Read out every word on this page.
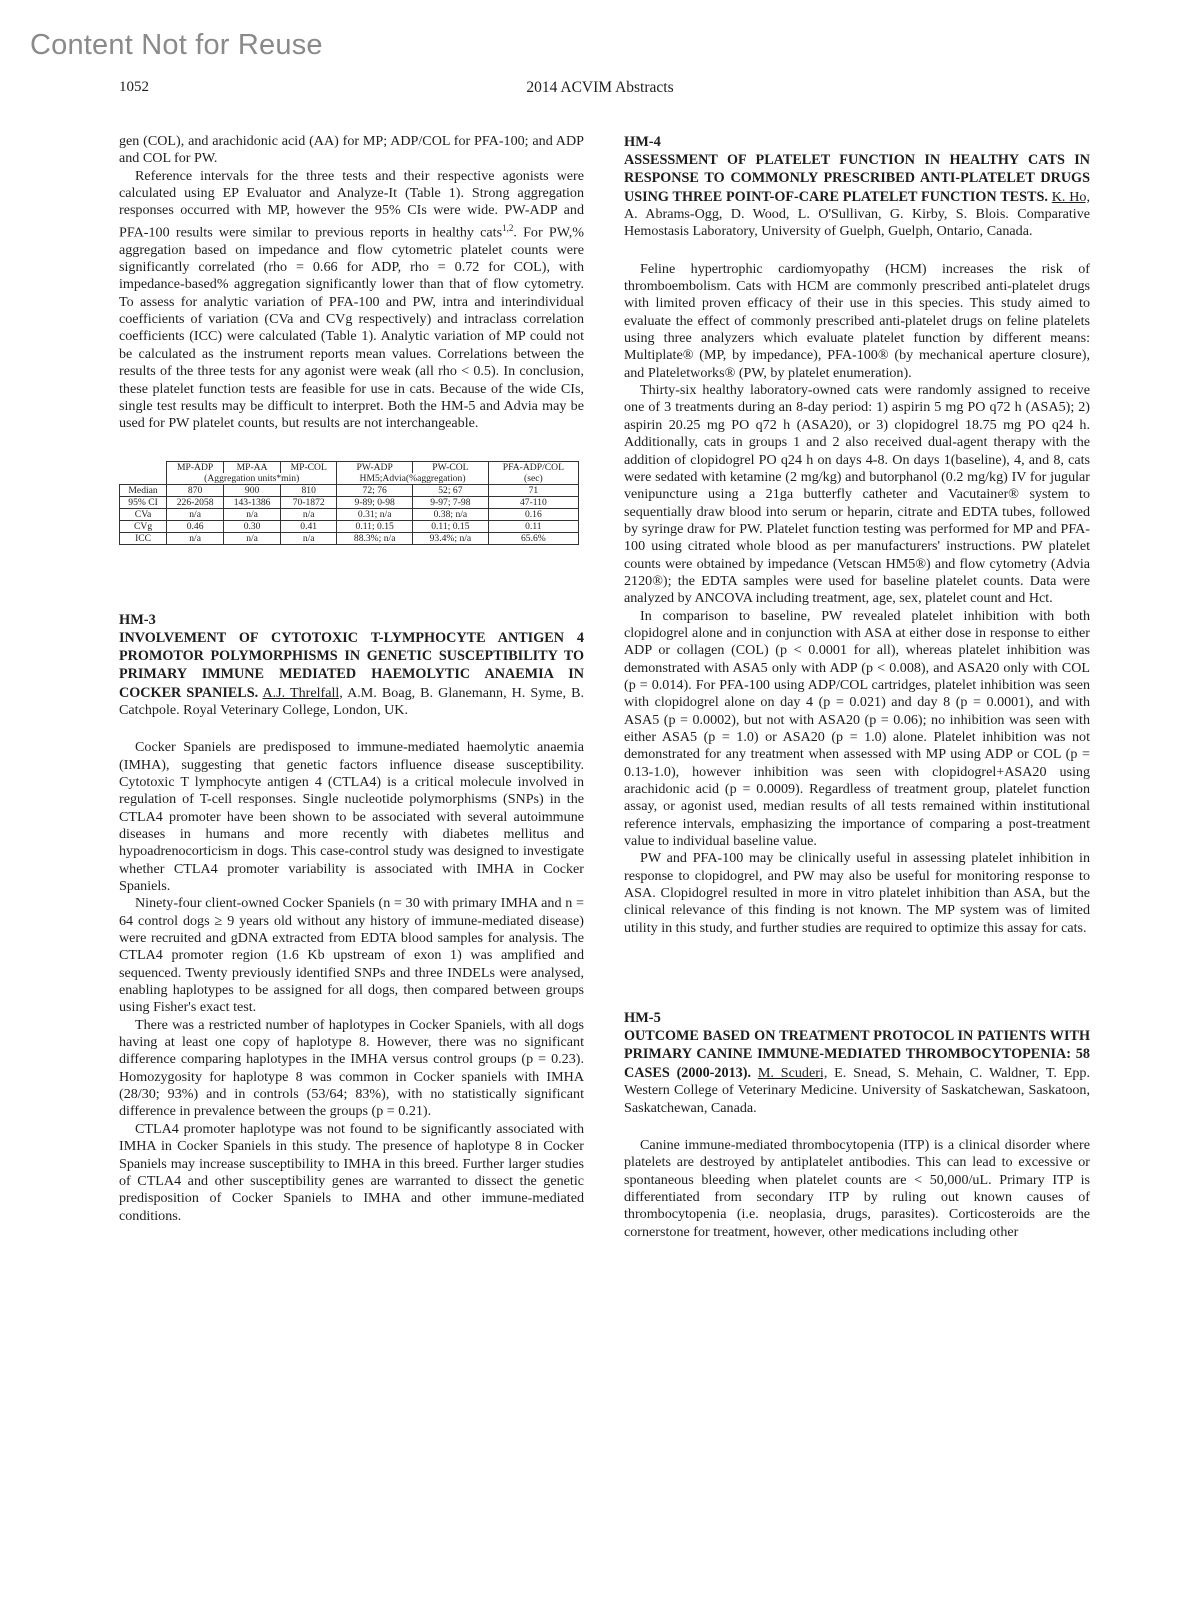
Content Not for Reuse
1052	2014 ACVIM Abstracts

gen (COL), and arachidonic acid (AA) for MP; ADP/COL for PFA-100; and ADP and COL for PW.

Reference intervals for the three tests and their respective agonists were calculated using EP Evaluator and Analyze-It (Table 1). Strong aggregation responses occurred with MP, however the 95% CIs were wide. PW-ADP and PFA-100 results were similar to previous reports in healthy cats$^{1,2}$. For PW,% aggregation based on impedance and flow cytometric platelet counts were significantly correlated (rho = 0.66 for ADP, rho = 0.72 for COL), with impedance-based% aggregation significantly lower than that of flow cytometry. To assess for analytic variation of PFA-100 and PW, intra and interindividual coefficients of variation (CVa and CVg respectively) and intraclass correlation coefficients (ICC) were calculated (Table 1). Analytic variation of MP could not be calculated as the instrument reports mean values. Correlations between the results of the three tests for any agonist were weak (all rho < 0.5). In conclusion, these platelet function tests are feasible for use in cats. Because of the wide CIs, single test results may be difficult to interpret. Both the HM-5 and Advia may be used for PW platelet counts, but results are not interchangeable.

	MP-ADP	MP-AA	MP-COL	PW-ADP	PW-COL	PFA-ADP/COL
	(Aggregation units*min)			HM5;Advia(%aggregation)		(sec)
Median	870	900	810	72; 76	52; 67	71
95% CI	226-2058	143-1386	70-1872	9-89; 0-98	9-97; 7-98	47-110
CVa	n/a	n/a	n/a	0.31; n/a	0.38; n/a	0.16
CVg	0.46	0.30	0.41	0.11; 0.15	0.11; 0.15	0.11
ICC	n/a	n/a	n/a	88.3%; n/a	93.4%; n/a	65.6%
HM-3

INVOLVEMENT OF CYTOTOXIC T-LYMPHOCYTE ANTIGEN 4 PROMOTOR POLYMORPHISMS IN GENETIC SUSCEPTIBILITY TO PRIMARY IMMUNE MEDIATED HAEMOLYTIC ANAEMIA IN COCKER SPANIELS. A.J. Threlfall, A.M. Boag, B. Glanemann, H. Syme, B. Catchpole. Royal Veterinary College, London, UK.

Cocker Spaniels are predisposed to immune-mediated haemolytic anaemia (IMHA), suggesting that genetic factors influence disease susceptibility. Cytotoxic T lymphocyte antigen 4 (CTLA4) is a critical molecule involved in regulation of T-cell responses. Single nucleotide polymorphisms (SNPs) in the CTLA4 promoter have been shown to be associated with several autoimmune diseases in humans and more recently with diabetes mellitus and hypoadrenocorticism in dogs. This case-control study was designed to investigate whether CTLA4 promoter variability is associated with IMHA in Cocker Spaniels.

Ninety-four client-owned Cocker Spaniels (n = 30 with primary IMHA and n = 64 control dogs ≥ 9 years old without any history of immune-mediated disease) were recruited and gDNA extracted from EDTA blood samples for analysis. The CTLA4 promoter region (1.6 Kb upstream of exon 1) was amplified and sequenced. Twenty previously identified SNPs and three INDELs were analysed, enabling haplotypes to be assigned for all dogs, then compared between groups using Fisher's exact test.

There was a restricted number of haplotypes in Cocker Spaniels, with all dogs having at least one copy of haplotype 8. However, there was no significant difference comparing haplotypes in the IMHA versus control groups (p = 0.23). Homozygosity for haplotype 8 was common in Cocker spaniels with IMHA (28/30; 93%) and in controls (53/64; 83%), with no statistically significant difference in prevalence between the groups (p = 0.21).

CTLA4 promoter haplotype was not found to be significantly associated with IMHA in Cocker Spaniels in this study. The presence of haplotype 8 in Cocker Spaniels may increase susceptibility to IMHA in this breed. Further larger studies of CTLA4 and other susceptibility genes are warranted to dissect the genetic predisposition of Cocker Spaniels to IMHA and other immune-mediated conditions.

HM-4

ASSESSMENT OF PLATELET FUNCTION IN HEALTHY CATS IN RESPONSE TO COMMONLY PRESCRIBED ANTI-PLATELET DRUGS USING THREE POINT-OF-CARE PLATELET FUNCTION TESTS. K. Ho, A. Abrams-Ogg, D. Wood, L. O'Sullivan, G. Kirby, S. Blois. Comparative Hemostasis Laboratory, University of Guelph, Guelph, Ontario, Canada.

Feline hypertrophic cardiomyopathy (HCM) increases the risk of thromboembolism. Cats with HCM are commonly prescribed anti-platelet drugs with limited proven efficacy of their use in this species. This study aimed to evaluate the effect of commonly prescribed anti-platelet drugs on feline platelets using three analyzers which evaluate platelet function by different means: Multiplate® (MP, by impedance), PFA-100® (by mechanical aperture closure), and Plateletworks® (PW, by platelet enumeration).

Thirty-six healthy laboratory-owned cats were randomly assigned to receive one of 3 treatments during an 8-day period: 1) aspirin 5 mg PO q72 h (ASA5); 2) aspirin 20.25 mg PO q72 h (ASA20), or 3) clopidogrel 18.75 mg PO q24 h. Additionally, cats in groups 1 and 2 also received dual-agent therapy with the addition of clopidogrel PO q24 h on days 4-8. On days 1(baseline), 4, and 8, cats were sedated with ketamine (2 mg/kg) and butorphanol (0.2 mg/kg) IV for jugular venipuncture using a 21ga butterfly catheter and Vacutainer® system to sequentially draw blood into serum or heparin, citrate and EDTA tubes, followed by syringe draw for PW. Platelet function testing was performed for MP and PFA-100 using citrated whole blood as per manufacturers' instructions. PW platelet counts were obtained by impedance (Vetscan HM5®) and flow cytometry (Advia 2120®); the EDTA samples were used for baseline platelet counts. Data were analyzed by ANCOVA including treatment, age, sex, platelet count and Hct.

In comparison to baseline, PW revealed platelet inhibition with both clopidogrel alone and in conjunction with ASA at either dose in response to either ADP or collagen (COL) (p < 0.0001 for all), whereas platelet inhibition was demonstrated with ASA5 only with ADP (p < 0.008), and ASA20 only with COL (p = 0.014). For PFA-100 using ADP/COL cartridges, platelet inhibition was seen with clopidogrel alone on day 4 (p = 0.021) and day 8 (p = 0.0001), and with ASA5 (p = 0.0002), but not with ASA20 (p = 0.06); no inhibition was seen with either ASA5 (p = 1.0) or ASA20 (p = 1.0) alone. Platelet inhibition was not demonstrated for any treatment when assessed with MP using ADP or COL (p = 0.13-1.0), however inhibition was seen with clopidogrel+ASA20 using arachidonic acid (p = 0.0009). Regardless of treatment group, platelet function assay, or agonist used, median results of all tests remained within institutional reference intervals, emphasizing the importance of comparing a post-treatment value to individual baseline value.

PW and PFA-100 may be clinically useful in assessing platelet inhibition in response to clopidogrel, and PW may also be useful for monitoring response to ASA. Clopidogrel resulted in more in vitro platelet inhibition than ASA, but the clinical relevance of this finding is not known. The MP system was of limited utility in this study, and further studies are required to optimize this assay for cats.

HM-5

OUTCOME BASED ON TREATMENT PROTOCOL IN PATIENTS WITH PRIMARY CANINE IMMUNE-MEDIATED THROMBOCYTOPENIA: 58 CASES (2000-2013). M. Scuderi, E. Snead, S. Mehain, C. Waldner, T. Epp. Western College of Veterinary Medicine. University of Saskatchewan, Saskatoon, Saskatchewan, Canada.

Canine immune-mediated thrombocytopenia (ITP) is a clinical disorder where platelets are destroyed by antiplatelet antibodies. This can lead to excessive or spontaneous bleeding when platelet counts are < 50,000/uL. Primary ITP is differentiated from secondary ITP by ruling out known causes of thrombocytopenia (i.e. neoplasia, drugs, parasites). Corticosteroids are the cornerstone for treatment, however, other medications including other
